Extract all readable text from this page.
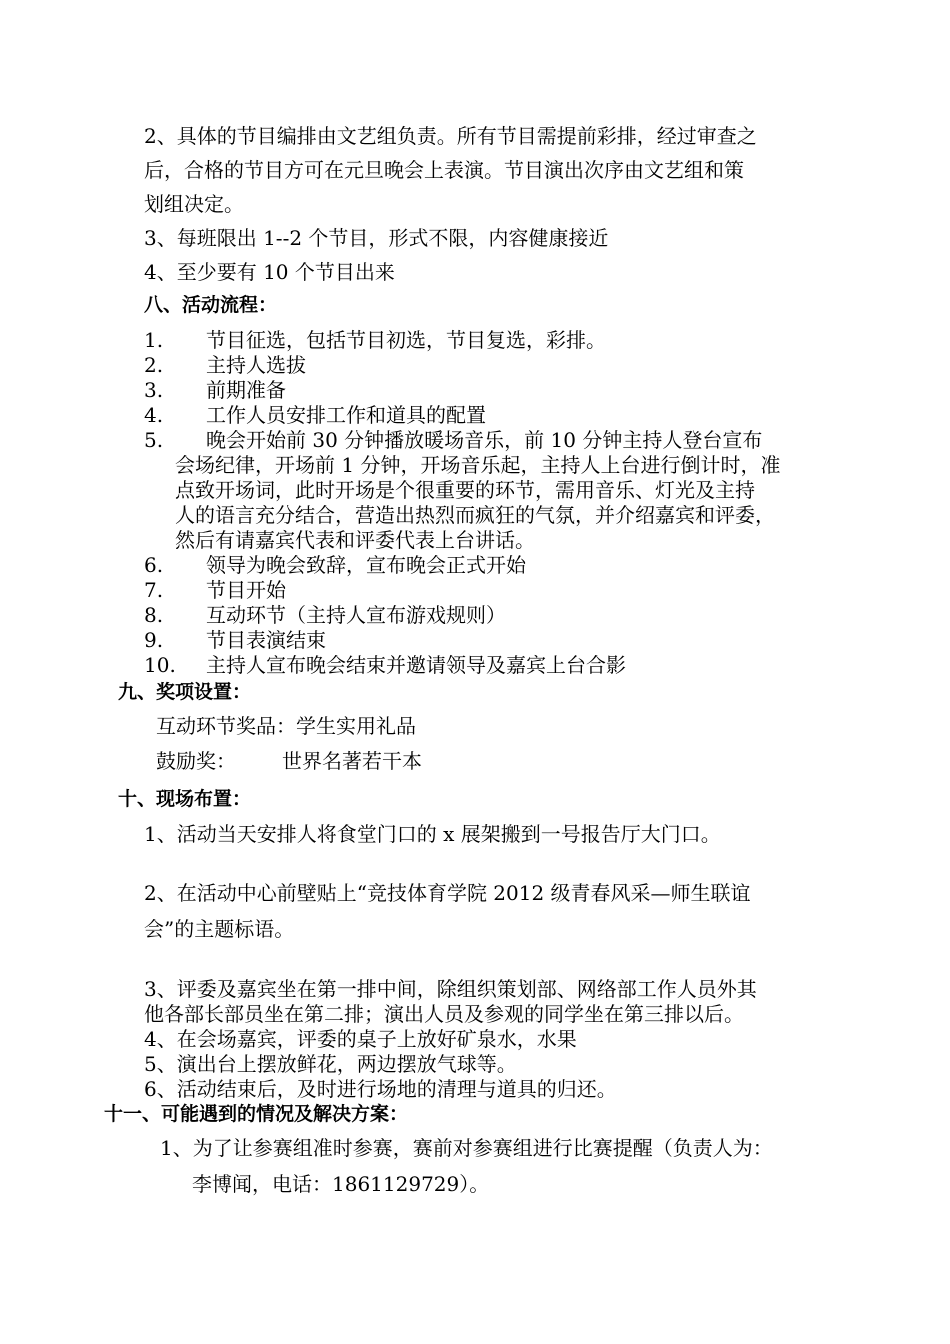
2、具体的节目编排由文艺组负责。所有节目需提前彩排，经过审查之
后，合格的节目方可在元旦晚会上表演。节目演出次序由文艺组和策
划组决定。
3、每班限出 1--2 个节目，形式不限，内容健康接近
4、至少要有 10 个节目出来
八、活动流程：
1. 节目征选，包括节目初选，节目复选，彩排。
2. 主持人选拔
3. 前期准备
4. 工作人员安排工作和道具的配置
5. 晚会开始前 30 分钟播放暖场音乐，前 10 分钟主持人登台宣布
会场纪律，开场前 1 分钟，开场音乐起，主持人上台进行倒计时，准
点致开场词，此时开场是个很重要的环节，需用音乐、灯光及主持
人的语言充分结合，营造出热烈而疯狂的气氛，并介绍嘉宾和评委，
然后有请嘉宾代表和评委代表上台讲话。
6. 领导为晚会致辞，宣布晚会正式开始
7. 节目开始
8. 互动环节（主持人宣布游戏规则）
9. 节目表演结束
10. 主持人宣布晚会结束并邀请领导及嘉宾上台合影
九、奖项设置：
互动环节奖品：学生实用礼品
鼓励奖： 世界名著若干本
十、现场布置：
1、活动当天安排人将食堂门口的 x 展架搬到一号报告厅大门口。
2、在活动中心前壁贴上“竞技体育学院 2012 级青春风采—师生联谊
会”的主题标语。
3、评委及嘉宾坐在第一排中间，除组织策划部、网络部工作人员外其
他各部长部员坐在第二排；演出人员及参观的同学坐在第三排以后。
4、在会场嘉宾，评委的桌子上放好矿泉水，水果
5、演出台上摆放鲜花，两边摆放气球等。
6、活动结束后，及时进行场地的清理与道具的归还。
十一、可能遇到的情况及解决方案：
1、为了让参赛组准时参赛，赛前对参赛组进行比赛提醒（负责人为：
李博闻，电话：1861129729）。
